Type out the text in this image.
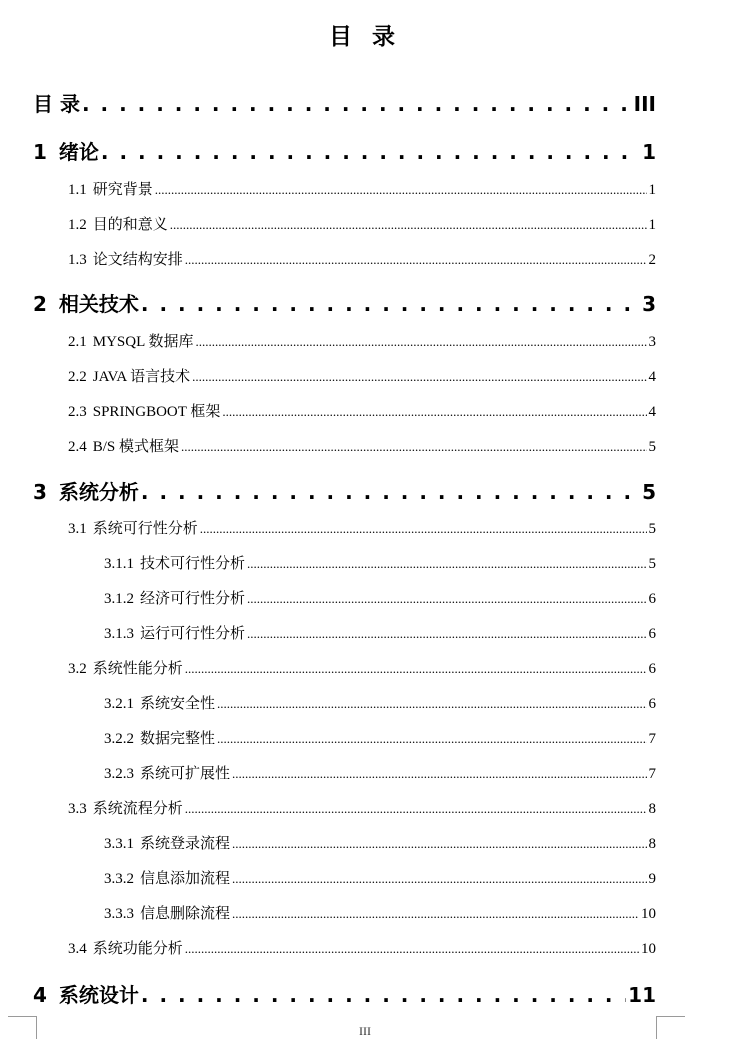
目 录
目 录 . . .	III
1 绪论 . . .	1
1.1 研究背景 .....	1
1.2 目的和意义 .....	1
1.3 论文结构安排 .....	2
2 相关技术 . . .	3
2.1 MYSQL 数据库 .....	3
2.2 JAVA 语言技术 .....	4
2.3 SPRINGBOOT 框架 .....	4
2.4 B/S 模式框架 .....	5
3 系统分析 . . .	5
3.1 系统可行性分析 .....	5
3.1.1 技术可行性分析 .....	5
3.1.2 经济可行性分析 .....	6
3.1.3 运行可行性分析 .....	6
3.2 系统性能分析 .....	6
3.2.1 系统安全性 .....	6
3.2.2 数据完整性 .....	7
3.2.3 系统可扩展性 .....	7
3.3 系统流程分析 .....	8
3.3.1 系统登录流程 .....	8
3.3.2 信息添加流程 .....	9
3.3.3 信息删除流程 .....	10
3.4 系统功能分析 .....	10
4 系统设计 . . .	11
III
